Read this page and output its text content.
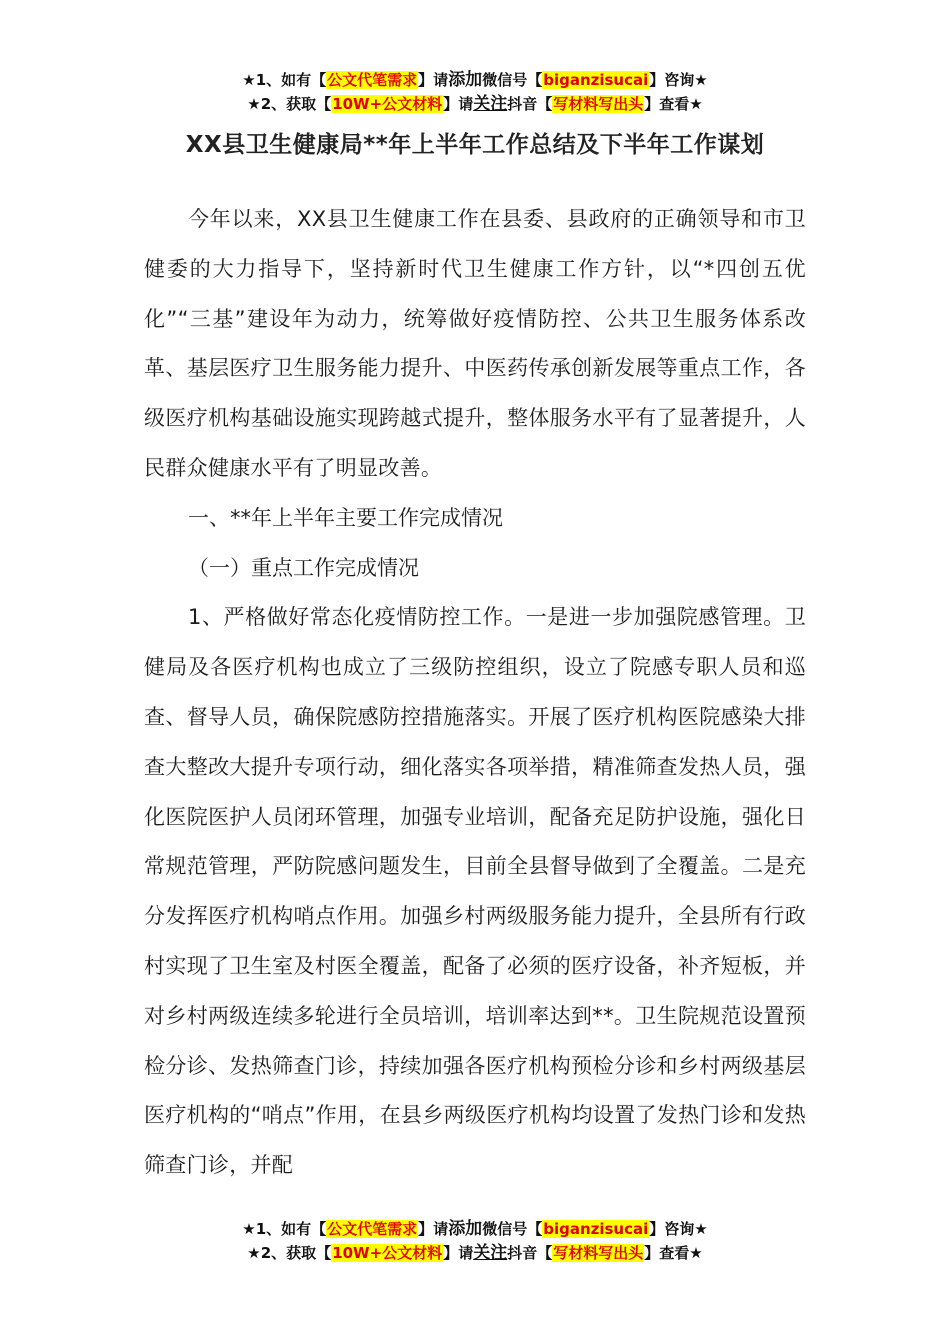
★1、如有【公文代笔需求】请添加微信号【biganzisucai】咨询★
★2、获取【10W+公文材料】请关注抖音【写材料写出头】查看★
XX县卫生健康局**年上半年工作总结及下半年工作谋划

今年以来，XX县卫生健康工作在县委、县政府的正确领导和市卫健委的大力指导下，坚持新时代卫生健康工作方针，以“*四创五优化”“三基”建设年为动力，统筹做好疫情防控、公共卫生服务体系改革、基层医疗卫生服务能力提升、中医药传承创新发展等重点工作，各级医疗机构基础设施实现跨越式提升，整体服务水平有了显著提升，人民群众健康水平有了明显改善。

一、**年上半年主要工作完成情况

（一）重点工作完成情况

1、严格做好常态化疫情防控工作。一是进一步加强院感管理。卫健局及各医疗机构也成立了三级防控组织，设立了院感专职人员和巡查、督导人员，确保院感防控措施落实。开展了医疗机构医院感染大排查大整改大提升专项行动，细化落实各项举措，精准筛查发热人员，强化医院医护人员闭环管理，加强专业培训，配备充足防护设施，强化日常规范管理，严防院感问题发生，目前全县督导做到了全覆盖。二是充分发挥医疗机构哨点作用。加强乡村两级服务能力提升，全县所有行政村实现了卫生室及村医全覆盖，配备了必须的医疗设备，补齐短板，并对乡村两级连续多轮进行全员培训，培训率达到**。卫生院规范设置预检分诊、发热筛查门诊，持续加强各医疗机构预检分诊和乡村两级基层医疗机构的“哨点”作用，在县乡两级医疗机构均设置了发热门诊和发热筛查门诊，并配

★1、如有【公文代笔需求】请添加微信号【biganzisucai】咨询★
★2、获取【10W+公文材料】请关注抖音【写材料写出头】查看★
